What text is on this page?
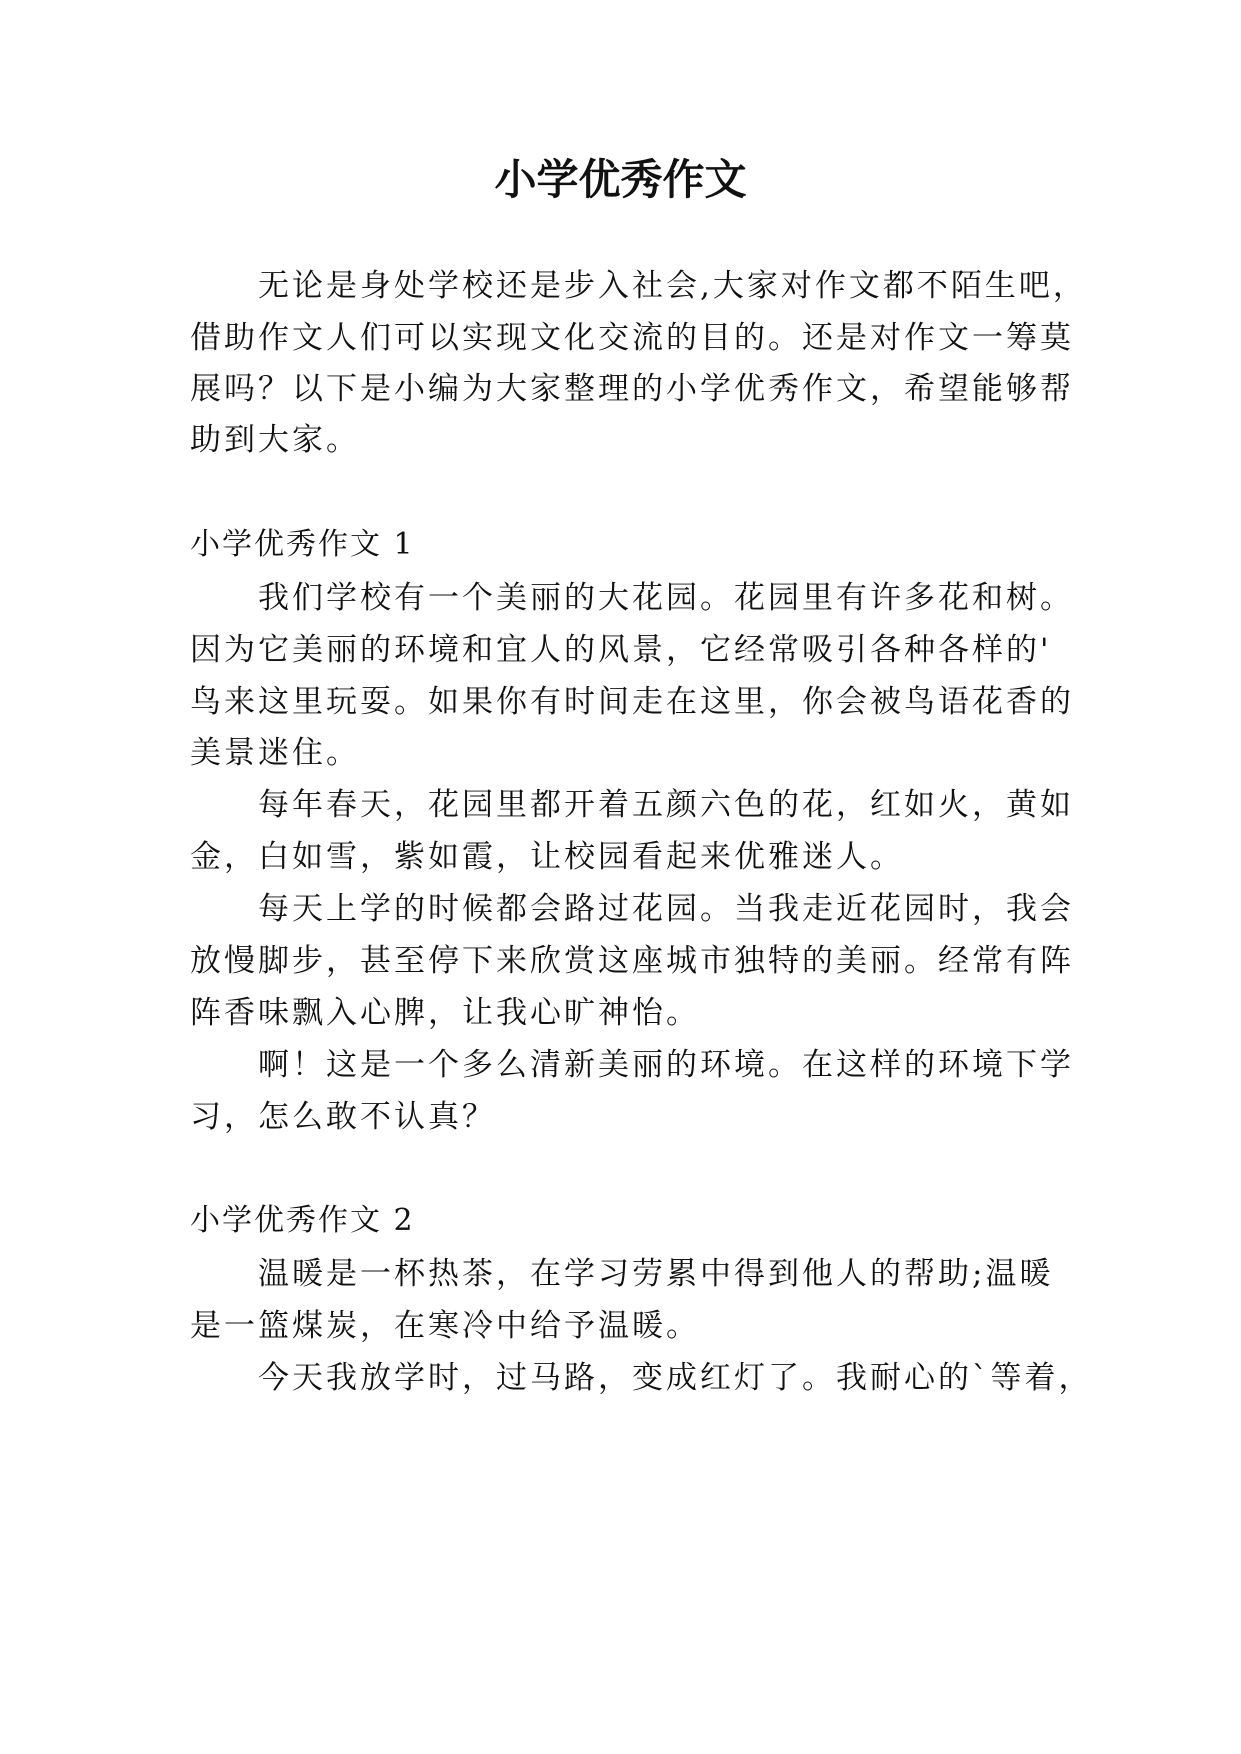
小学优秀作文

无论是身处学校还是步入社会,大家对作文都不陌生吧，

借助作文人们可以实现文化交流的目的。还是对作文一筹莫

展吗？以下是小编为大家整理的小学优秀作文，希望能够帮

助到大家。

小学优秀作文 1

我们学校有一个美丽的大花园。花园里有许多花和树。

因为它美丽的环境和宜人的风景，它经常吸引各种各样的'

鸟来这里玩耍。如果你有时间走在这里，你会被鸟语花香的

美景迷住。

每年春天，花园里都开着五颜六色的花，红如火，黄如

金，白如雪，紫如霞，让校园看起来优雅迷人。

每天上学的时候都会路过花园。当我走近花园时，我会

放慢脚步，甚至停下来欣赏这座城市独特的美丽。经常有阵

阵香味飘入心脾，让我心旷神怡。

啊！这是一个多么清新美丽的环境。在这样的环境下学

习，怎么敢不认真？

小学优秀作文 2

温暖是一杯热茶，在学习劳累中得到他人的帮助;温暖

是一篮煤炭，在寒冷中给予温暖。

今天我放学时，过马路，变成红灯了。我耐心的`等着，
